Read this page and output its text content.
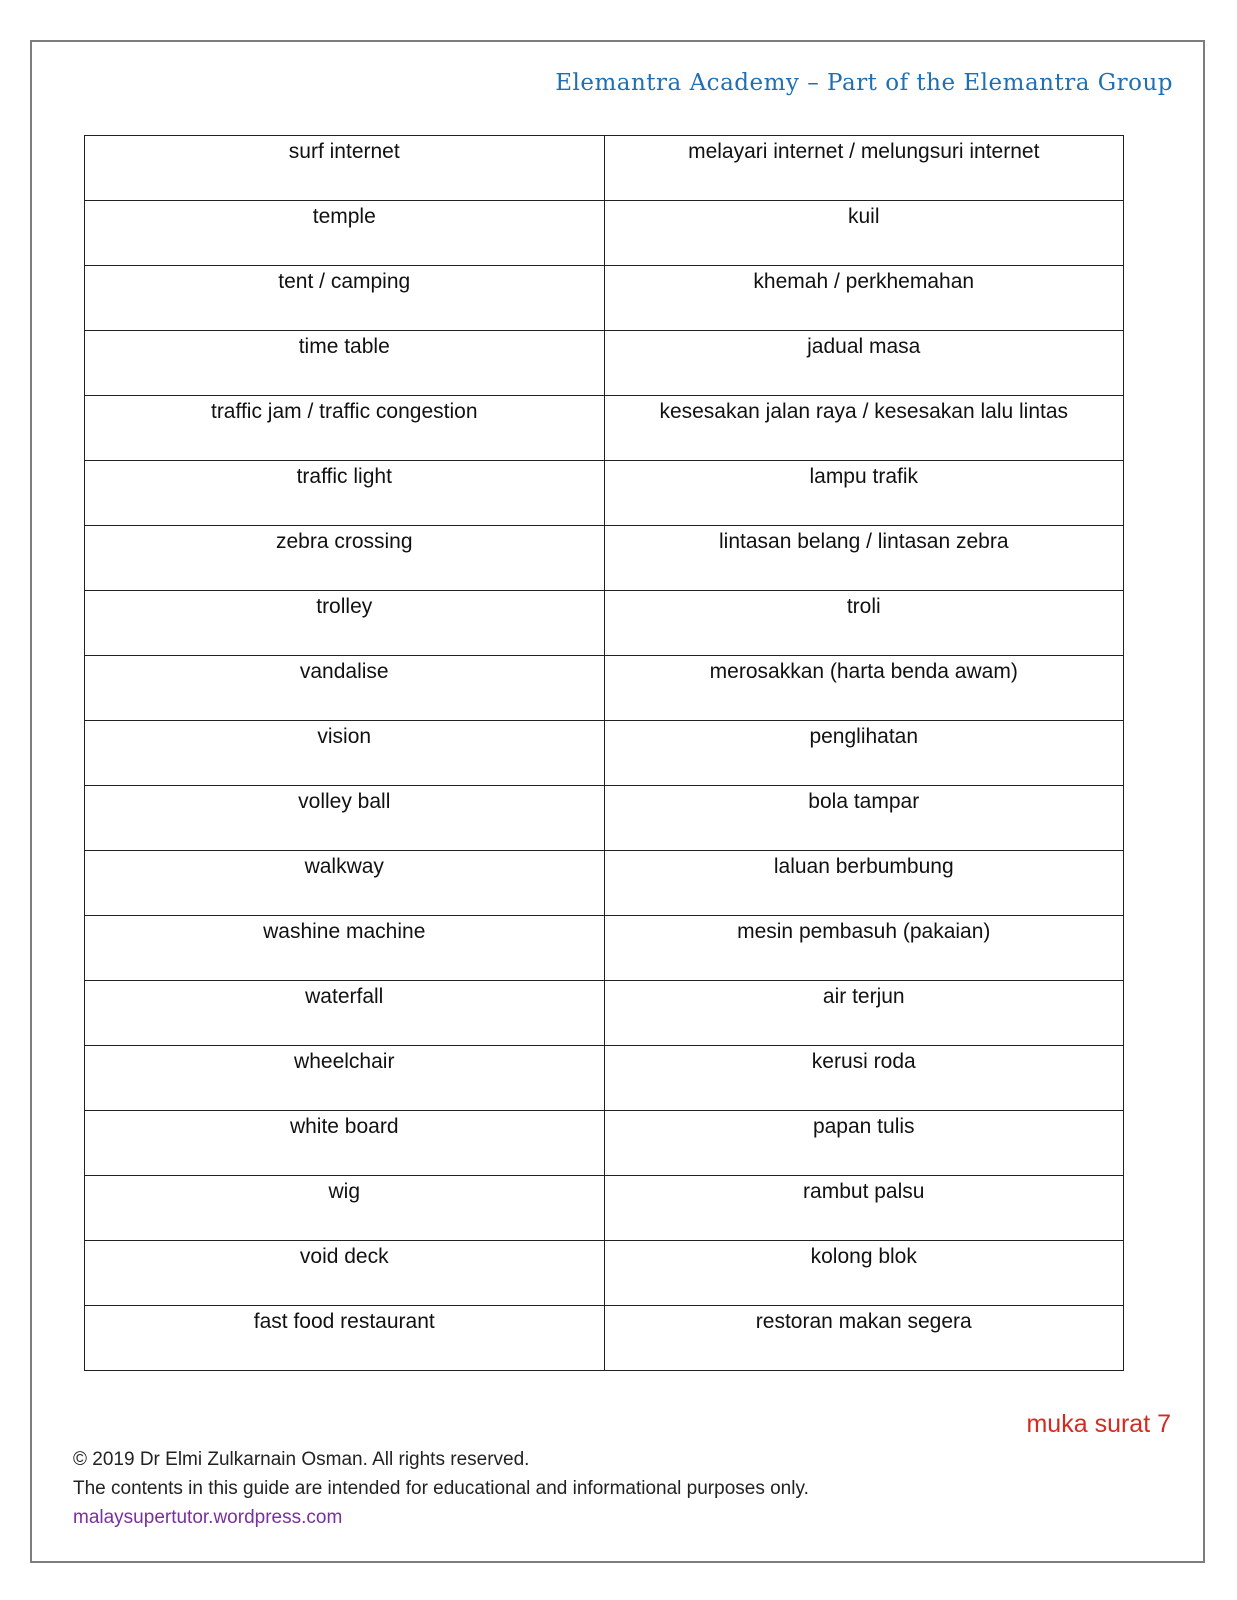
Elemantra Academy – Part of the Elemantra Group
surf internet	melayari internet / melungsuri internet
temple	kuil
tent / camping	khemah / perkhemahan
time table	jadual masa
traffic jam / traffic congestion	kesesakan jalan raya / kesesakan lalu lintas
traffic light	lampu trafik
zebra crossing	lintasan belang / lintasan zebra
trolley	troli
vandalise	merosakkan (harta benda awam)
vision	penglihatan
volley ball	bola tampar
walkway	laluan berbumbung
washine machine	mesin pembasuh (pakaian)
waterfall	air terjun
wheelchair	kerusi roda
white board	papan tulis
wig	rambut palsu
void deck	kolong blok
fast food restaurant	restoran makan segera
muka surat 7
© 2019 Dr Elmi Zulkarnain Osman. All rights reserved.
The contents in this guide are intended for educational and informational purposes only.
malaysupertutor.wordpress.com
